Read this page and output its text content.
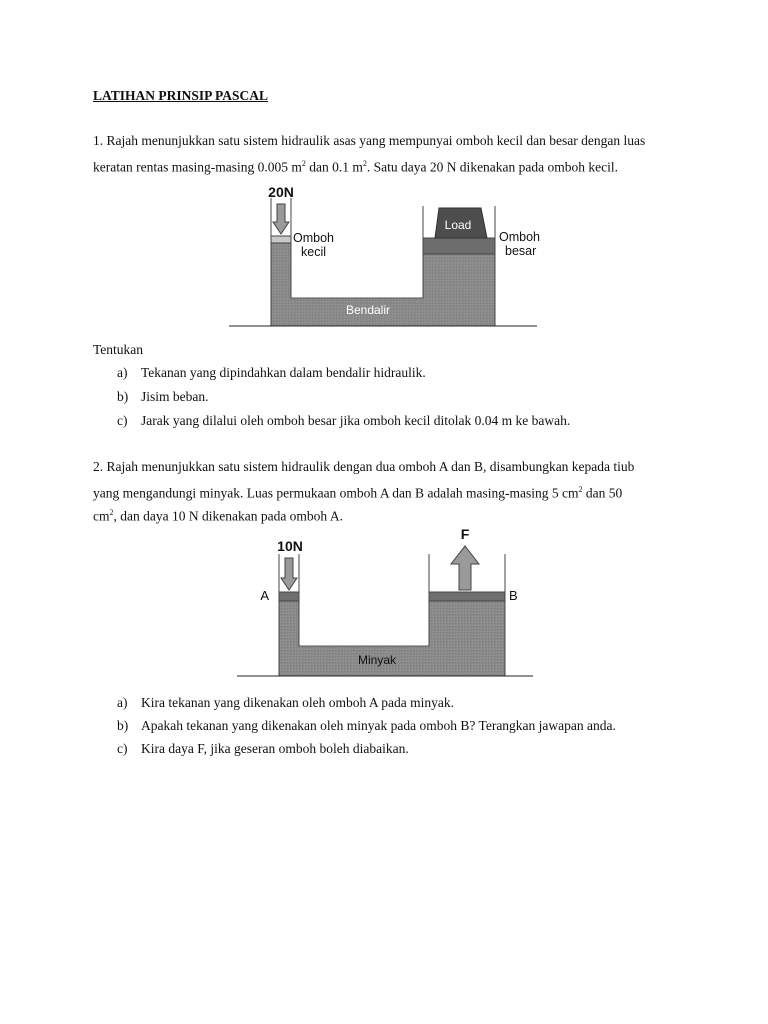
LATIHAN PRINSIP PASCAL
1. Rajah menunjukkan satu sistem hidraulik asas yang mempunyai omboh kecil dan besar dengan luas
keratan rentas masing-masing 0.005 $m^2$ dan 0.1 $m^2$. Satu daya 20 N dikenakan pada omboh kecil.
Load
20N
Omboh
kecil
Omboh
besar
Bendalir
Tentukan
a) Tekanan yang dipindahkan dalam bendalir hidraulik.
b) Jisim beban.
c) Jarak yang dilalui oleh omboh besar jika omboh kecil ditolak 0.04 m ke bawah.
2. Rajah menunjukkan satu sistem hidraulik dengan dua omboh A dan B, disambungkan kepada tiub
yang mengandungi minyak. Luas permukaan omboh A dan B adalah masing-masing 5 $cm^2$ dan 50
$cm^2$, dan daya 10 N dikenakan pada omboh A.
10N
F
A	B
Minyak
a) Kira tekanan yang dikenakan oleh omboh A pada minyak.
b) Apakah tekanan yang dikenakan oleh minyak pada omboh B? Terangkan jawapan anda.
c) Kira daya F, jika geseran omboh boleh diabaikan.
